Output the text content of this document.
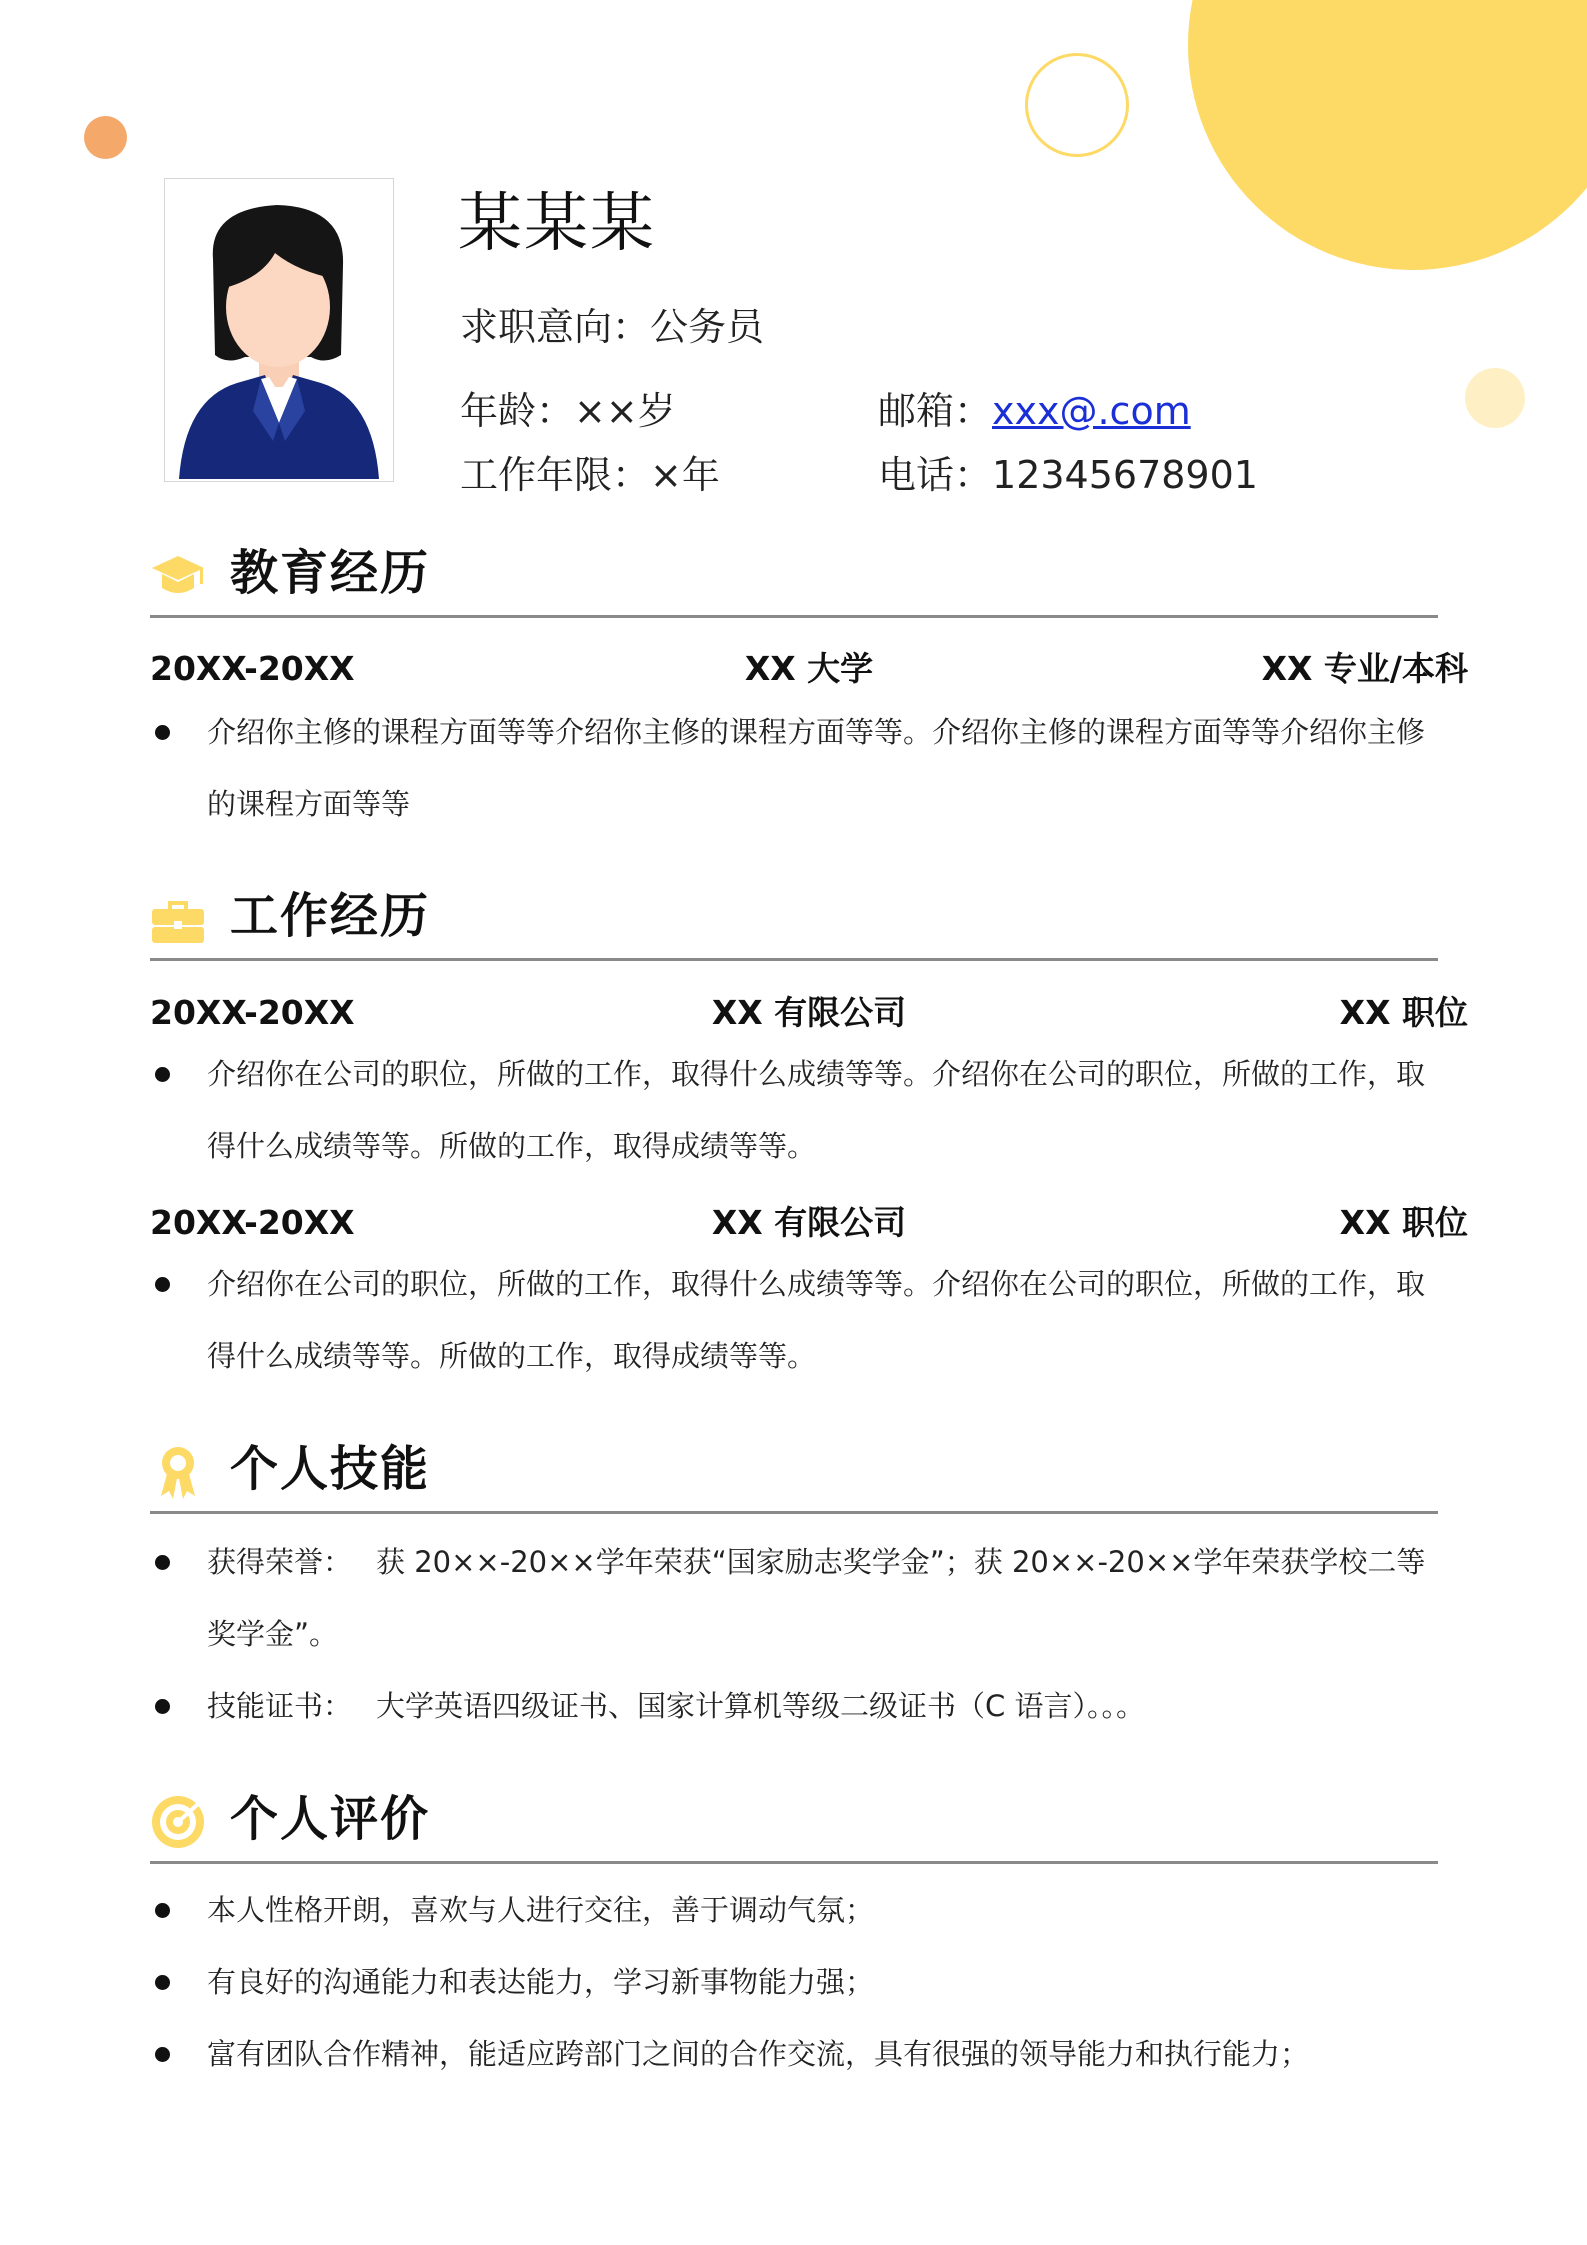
某某某
求职意向：公务员
年龄：××岁
工作年限：×年
邮箱：xxx@.com
电话：12345678901
教育经历
20XX-20XX	XX 大学	XX 专业/本科
介绍你主修的课程方面等等介绍你主修的课程方面等等。介绍你主修的课程方面等等介绍你主修的课程方面等等
工作经历
20XX-20XX	XX 有限公司	XX 职位
介绍你在公司的职位，所做的工作，取得什么成绩等等。介绍你在公司的职位，所做的工作，取得什么成绩等等。所做的工作，取得成绩等等。
20XX-20XX	XX 有限公司	XX 职位
介绍你在公司的职位，所做的工作，取得什么成绩等等。介绍你在公司的职位，所做的工作，取得什么成绩等等。所做的工作，取得成绩等等。
个人技能
获得荣誉： 获 20××-20××学年荣获“国家励志奖学金”；获 20××-20××学年荣获学校二等奖学金”。
技能证书： 大学英语四级证书、国家计算机等级二级证书（C 语言）。。。
个人评价
本人性格开朗，喜欢与人进行交往，善于调动气氛；
有良好的沟通能力和表达能力，学习新事物能力强；
富有团队合作精神，能适应跨部门之间的合作交流，具有很强的领导能力和执行能力；
